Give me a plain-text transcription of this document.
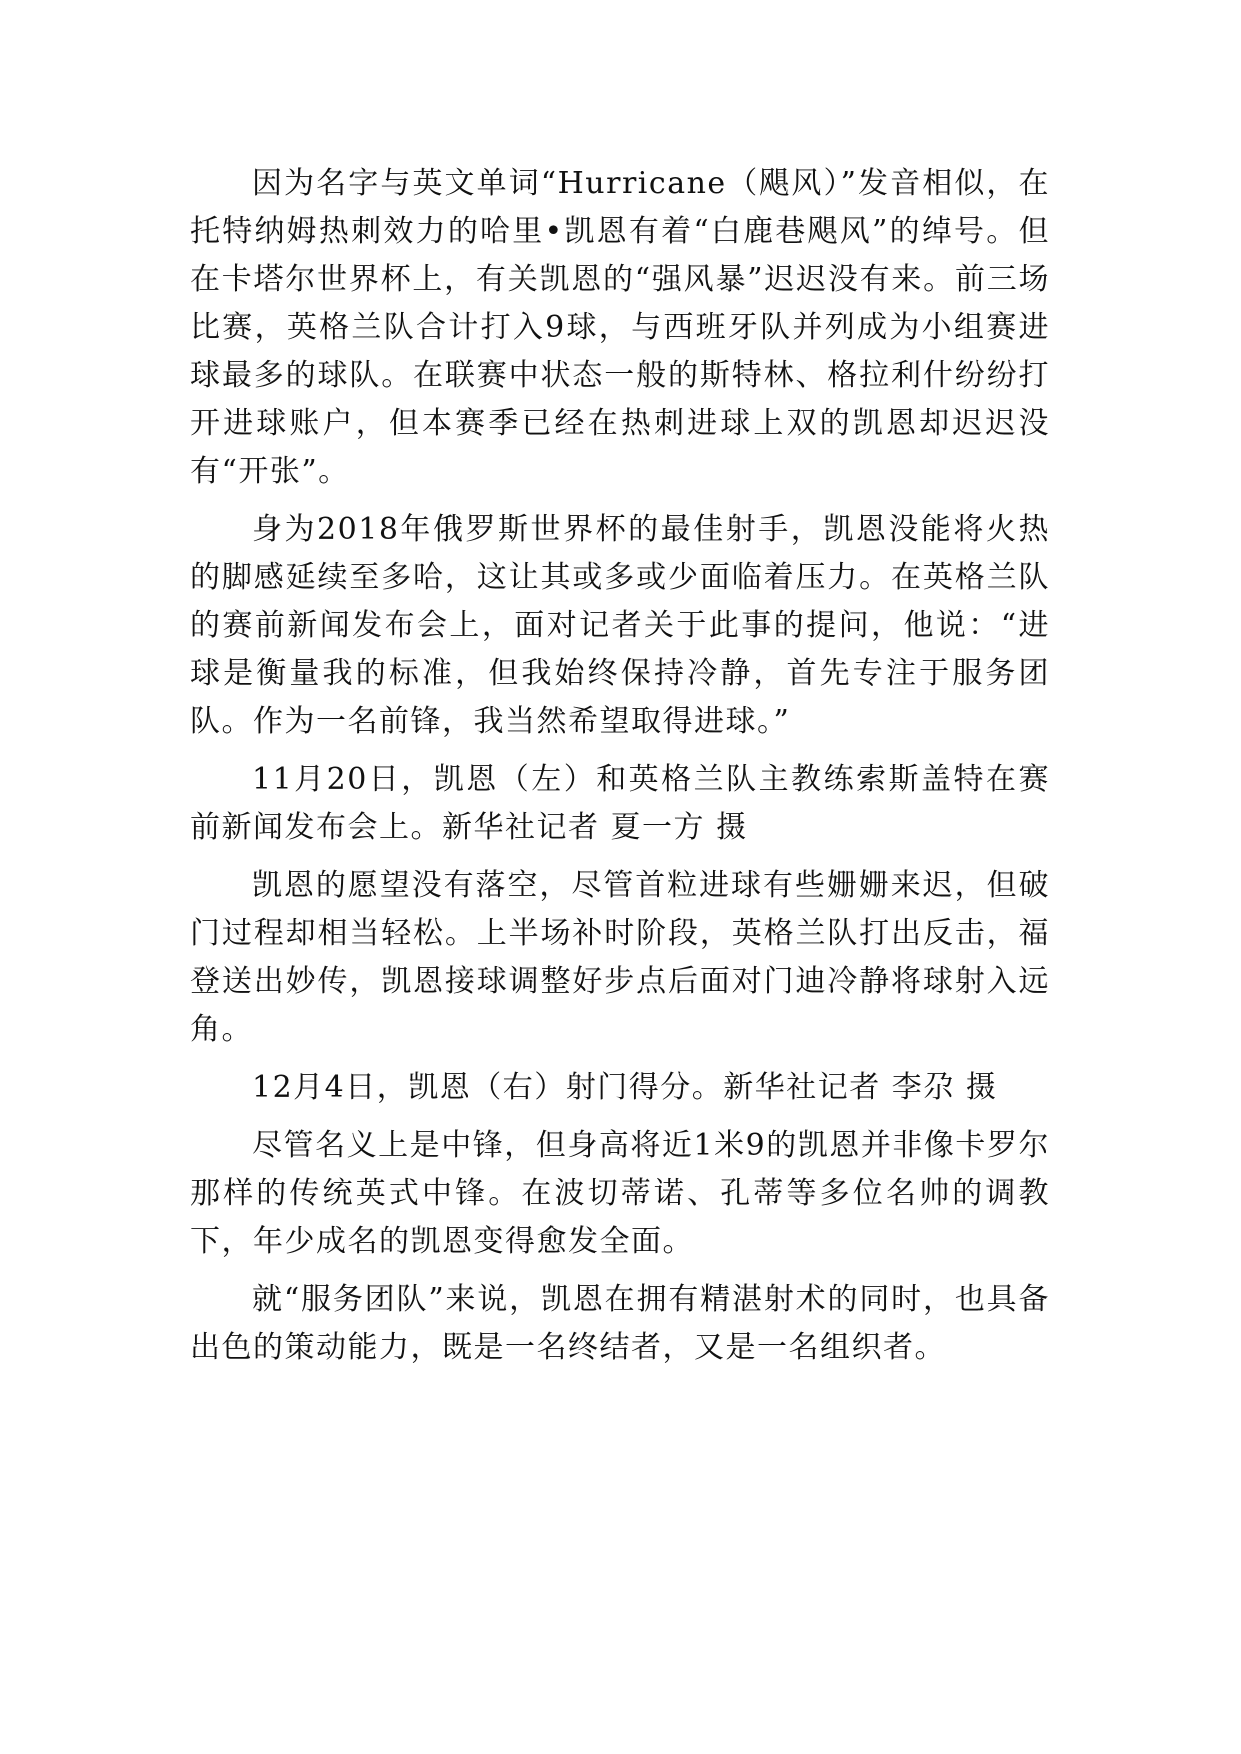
因为名字与英文单词“Hurricane（飓风）”发音相似，在托特纳姆热刺效力的哈里•凯恩有着“白鹿巷飓风”的绰号。但在卡塔尔世界杯上，有关凯恩的“强风暴”迟迟没有来。前三场比赛，英格兰队合计打入9球，与西班牙队并列成为小组赛进球最多的球队。在联赛中状态一般的斯特林、格拉利什纷纷打开进球账户，但本赛季已经在热刺进球上双的凯恩却迟迟没有“开张”。

身为2018年俄罗斯世界杯的最佳射手，凯恩没能将火热的脚感延续至多哈，这让其或多或少面临着压力。在英格兰队的赛前新闻发布会上，面对记者关于此事的提问，他说：“进球是衡量我的标准，但我始终保持冷静，首先专注于服务团队。作为一名前锋，我当然希望取得进球。”

11月20日，凯恩（左）和英格兰队主教练索斯盖特在赛前新闻发布会上。新华社记者 夏一方 摄

凯恩的愿望没有落空，尽管首粒进球有些姗姗来迟，但破门过程却相当轻松。上半场补时阶段，英格兰队打出反击，福登送出妙传，凯恩接球调整好步点后面对门迪冷静将球射入远角。

12月4日，凯恩（右）射门得分。新华社记者 李尕 摄

尽管名义上是中锋，但身高将近1米9的凯恩并非像卡罗尔那样的传统英式中锋。在波切蒂诺、孔蒂等多位名帅的调教下，年少成名的凯恩变得愈发全面。

就“服务团队”来说，凯恩在拥有精湛射术的同时，也具备出色的策动能力，既是一名终结者，又是一名组织者。
